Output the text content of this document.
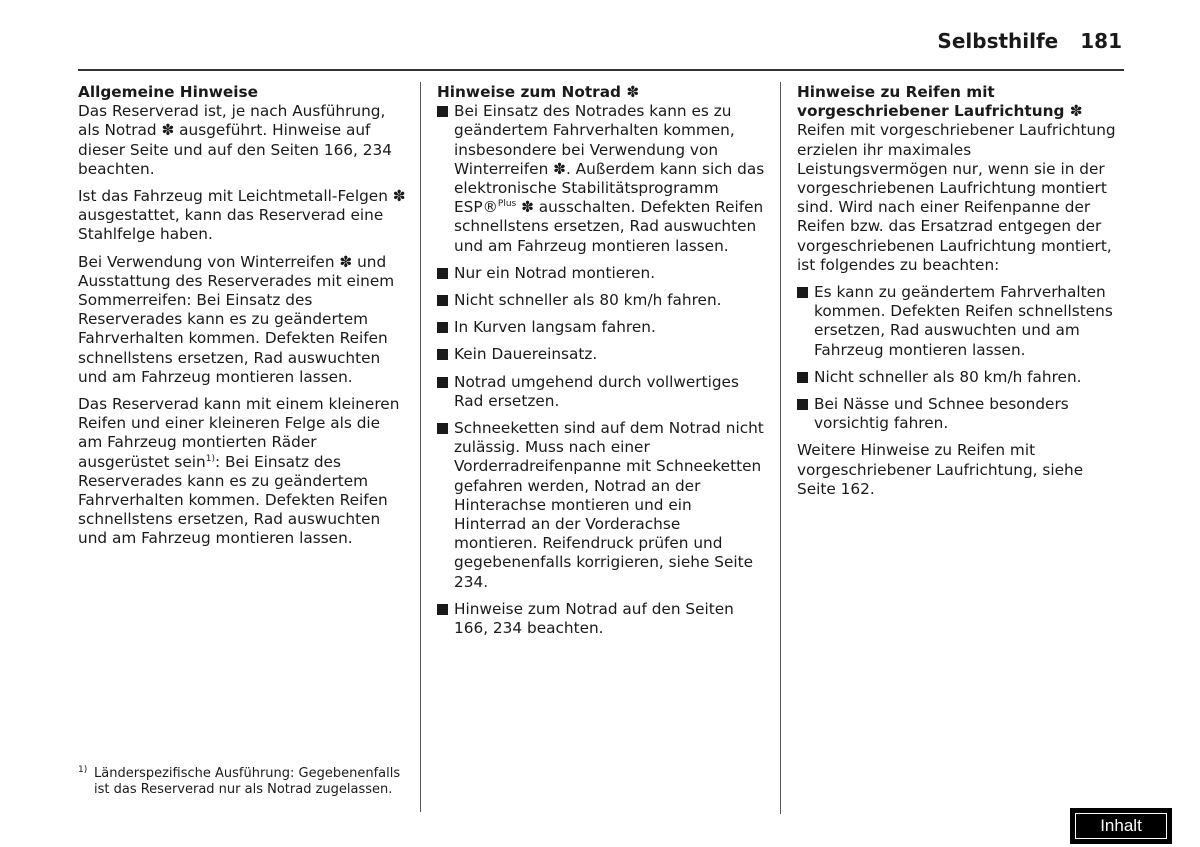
Selbsthilfe 181
Allgemeine Hinweise

Das Reserverad ist, je nach Ausführung, als Notrad ✽ ausgeführt. Hinweise auf dieser Seite und auf den Seiten 166, 234 beachten.

Ist das Fahrzeug mit Leichtmetall-Felgen ✽ ausgestattet, kann das Reserverad eine Stahlfelge haben.

Bei Verwendung von Winterreifen ✽ und Ausstattung des Reserverades mit einem Sommerreifen: Bei Einsatz des Reserverades kann es zu geändertem Fahrverhalten kommen. Defekten Reifen schnellstens ersetzen, Rad auswuchten und am Fahrzeug montieren lassen.

Das Reserverad kann mit einem kleineren Reifen und einer kleineren Felge als die am Fahrzeug montierten Räder ausgerüstet sein$^{1)}$: Bei Einsatz des Reserverades kann es zu geändertem Fahrverhalten kommen. Defekten Reifen schnellstens ersetzen, Rad auswuchten und am Fahrzeug montieren lassen.

Hinweise zum Notrad ✽
Bei Einsatz des Notrades kann es zu geändertem Fahrverhalten kommen, insbesondere bei Verwendung von Winterreifen ✽. Außerdem kann sich das elektronische Stabilitätsprogramm ESP®$^{Plus}$ ✽ ausschalten. Defekten Reifen schnellstens ersetzen, Rad auswuchten und am Fahrzeug montieren lassen.
Nur ein Notrad montieren.
Nicht schneller als 80 km/h fahren.
In Kurven langsam fahren.
Kein Dauereinsatz.
Notrad umgehend durch vollwertiges Rad ersetzen.
Schneeketten sind auf dem Notrad nicht zulässig. Muss nach einer Vorderradreifenpanne mit Schneeketten gefahren werden, Notrad an der Hinterachse montieren und ein Hinterrad an der Vorderachse montieren. Reifendruck prüfen und gegebenenfalls korrigieren, siehe Seite 234.
Hinweise zum Notrad auf den Seiten 166, 234 beachten.
Hinweise zu Reifen mit vorgeschriebener Laufrichtung ✽

Reifen mit vorgeschriebener Laufrichtung erzielen ihr maximales Leistungsvermögen nur, wenn sie in der vorgeschriebenen Laufrichtung montiert sind. Wird nach einer Reifenpanne der Reifen bzw. das Ersatzrad entgegen der vorgeschriebenen Laufrichtung montiert, ist folgendes zu beachten:

Es kann zu geändertem Fahrverhalten kommen. Defekten Reifen schnellstens ersetzen, Rad auswuchten und am Fahrzeug montieren lassen.
Nicht schneller als 80 km/h fahren.
Bei Nässe und Schnee besonders vorsichtig fahren.

Weitere Hinweise zu Reifen mit vorgeschriebener Laufrichtung, siehe Seite 162.

1) Länderspezifische Ausführung: Gegebenenfalls ist das Reserverad nur als Notrad zugelassen.
Inhalt
